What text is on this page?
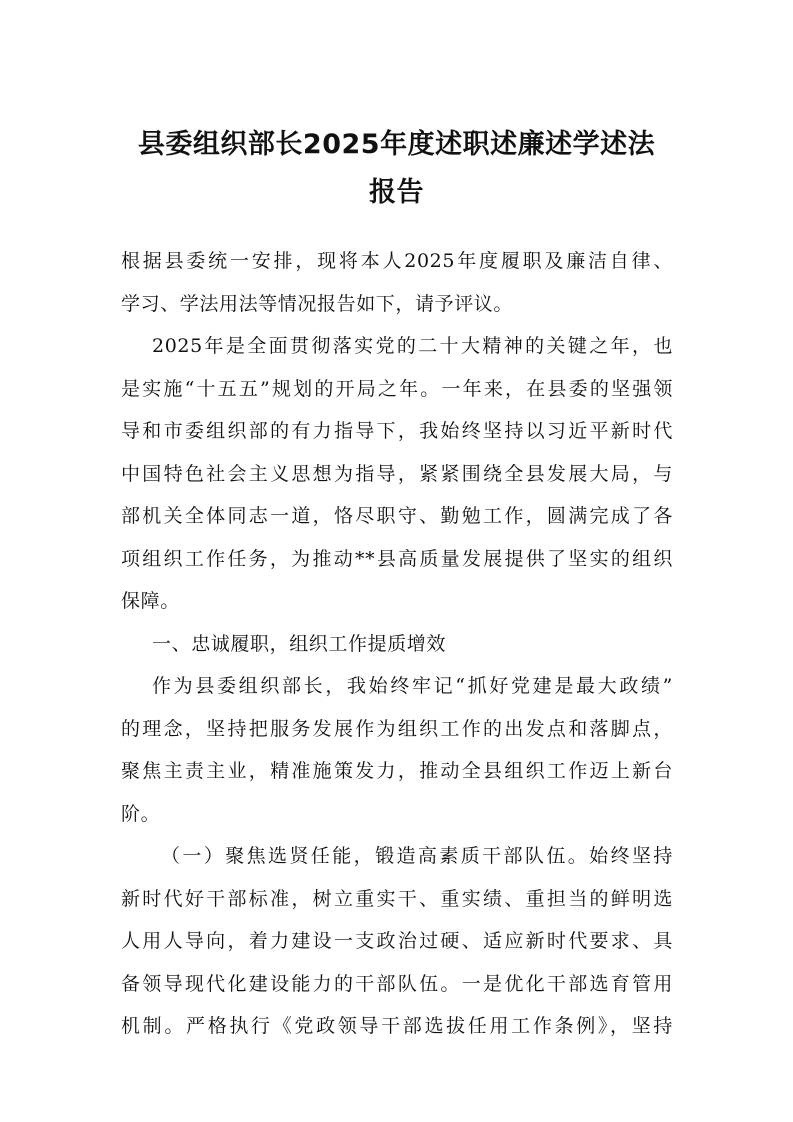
县委组织部长2025年度述职述廉述学述法
报告
根据县委统一安排，现将本人2025年度履职及廉洁自律、
学习、学法用法等情况报告如下，请予评议。
2025年是全面贯彻落实党的二十大精神的关键之年，也
是实施“十五五”规划的开局之年。一年来，在县委的坚强领
导和市委组织部的有力指导下，我始终坚持以习近平新时代
中国特色社会主义思想为指导，紧紧围绕全县发展大局，与
部机关全体同志一道，恪尽职守、勤勉工作，圆满完成了各
项组织工作任务，为推动**县高质量发展提供了坚实的组织
保障。
一、忠诚履职，组织工作提质增效
作为县委组织部长，我始终牢记“抓好党建是最大政绩”
的理念，坚持把服务发展作为组织工作的出发点和落脚点，
聚焦主责主业，精准施策发力，推动全县组织工作迈上新台
阶。
（一）聚焦选贤任能，锻造高素质干部队伍。始终坚持
新时代好干部标准，树立重实干、重实绩、重担当的鲜明选
人用人导向，着力建设一支政治过硬、适应新时代要求、具
备领导现代化建设能力的干部队伍。一是优化干部选育管用
机制。严格执行《党政领导干部选拔任用工作条例》，坚持
